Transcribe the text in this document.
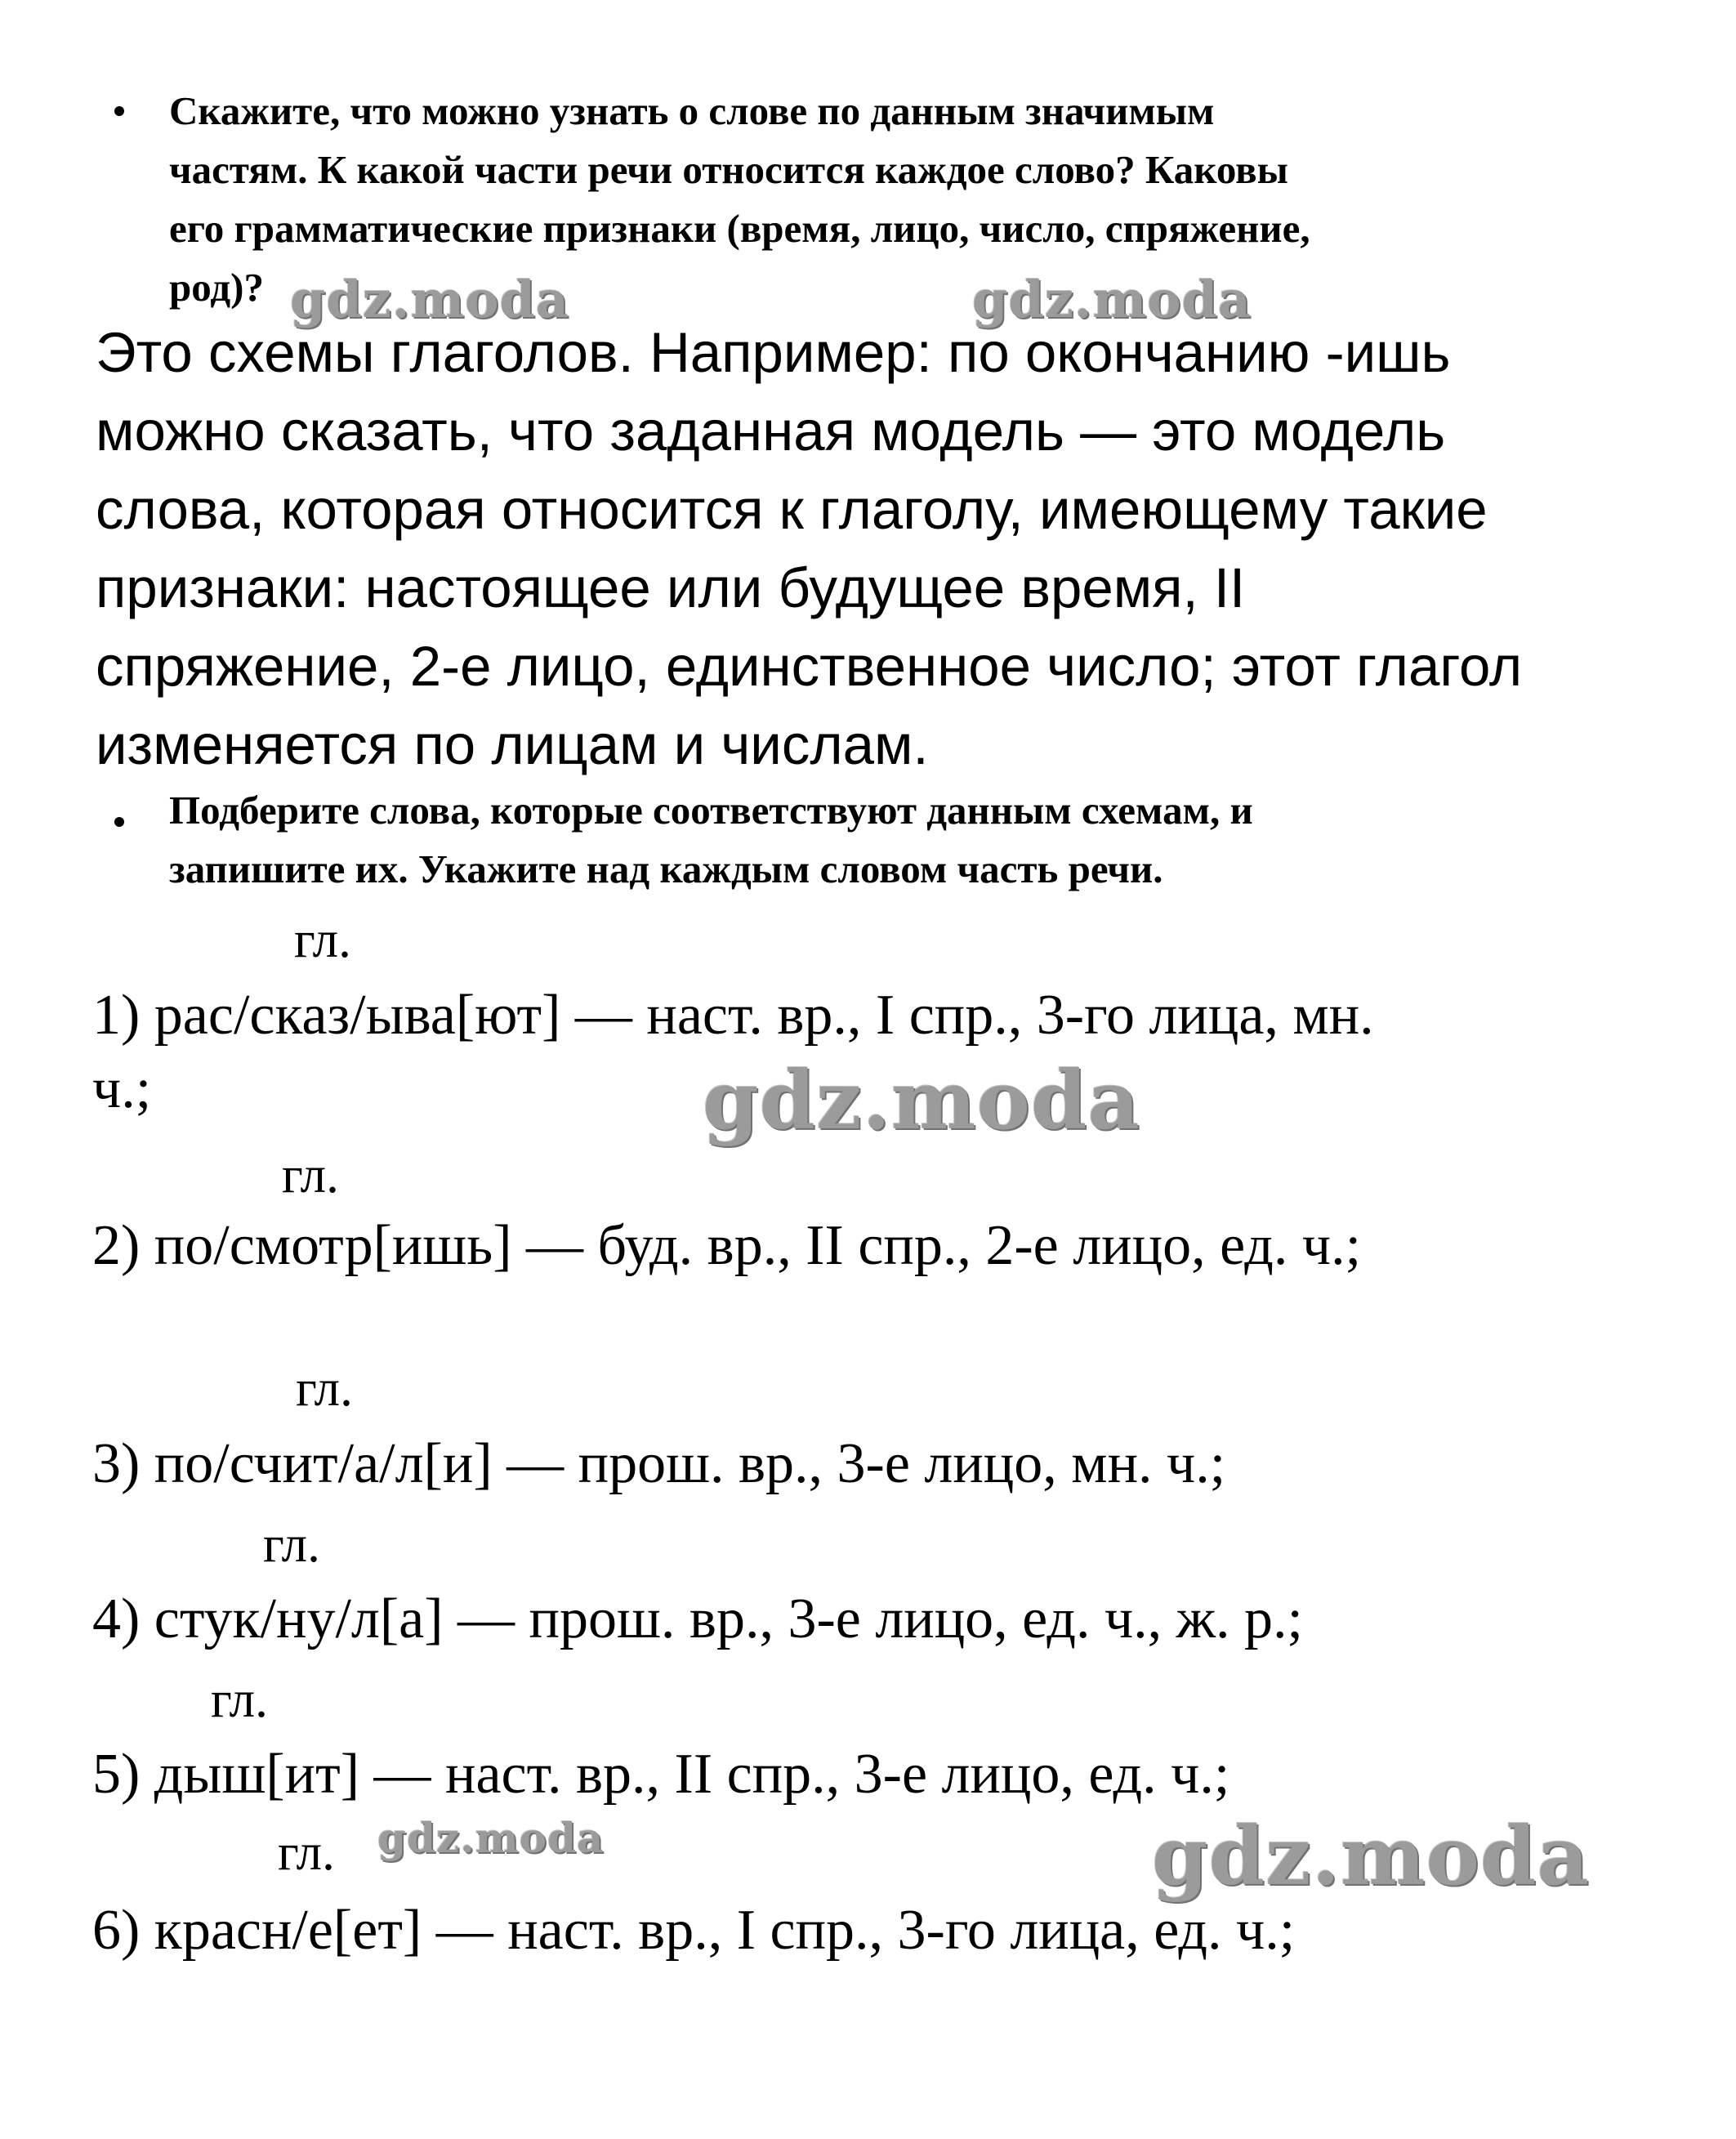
Скажите, что можно узнать о слове по данным значимым
частям. К какой части речи относится каждое слово? Каковы
его грамматические признаки (время, лицо, число, спряжение,
род)?
Это схемы глаголов. Например: по окончанию -ишь
можно сказать, что заданная модель — это модель
слова, которая относится к глаголу, имеющему такие
признаки: настоящее или будущее время, II
спряжение, 2-е лицо, единственное число; этот глагол
изменяется по лицам и числам.
Подберите слова, которые соответствуют данным схемам, и
запишите их. Укажите над каждым словом часть речи.
гл.
1) рас/сказ/ыва[ют] — наст. вр., I спр., 3-го лица, мн.
ч.;
гл.
2) по/смотр[ишь] — буд. вр., II спр., 2-е лицо, ед. ч.;
гл.
3) по/счит/а/л[и] — прош. вр., 3-е лицо, мн. ч.;
гл.
4) стук/ну/л[а] — прош. вр., 3-е лицо, ед. ч., ж. р.;
гл.
5) дыш[ит] — наст. вр., II спр., 3-е лицо, ед. ч.;
гл.
6) красн/е[ет] — наст. вр., I спр., 3-го лица, ед. ч.;
gdz.moda	gdz.moda
gdz.moda
gdz.moda	gdz.moda
